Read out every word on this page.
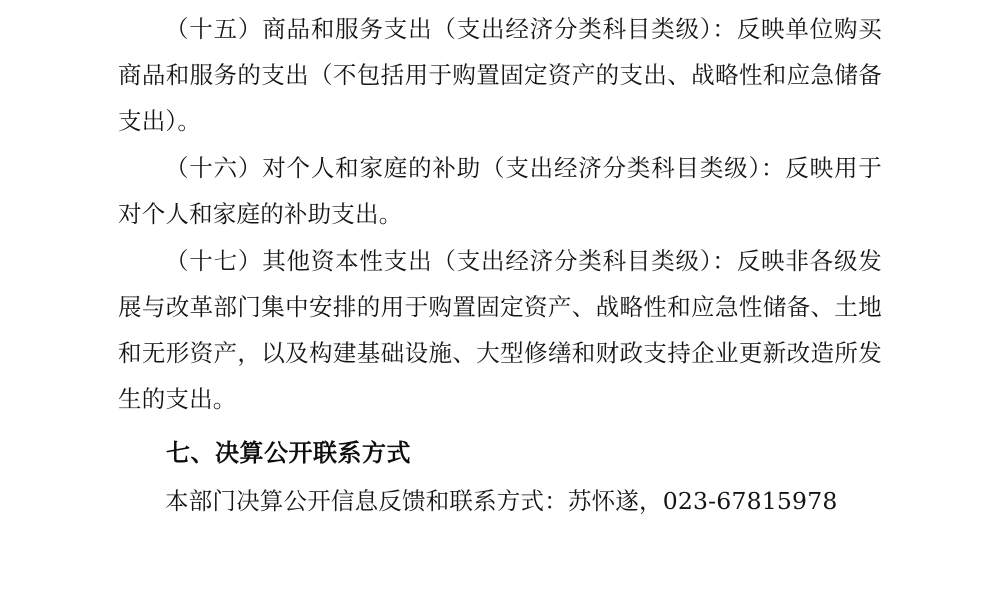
（十五）商品和服务支出（支出经济分类科目类级）：反映单位购买商品和服务的支出（不包括用于购置固定资产的支出、战略性和应急储备支出）。

（十六）对个人和家庭的补助（支出经济分类科目类级）：反映用于对个人和家庭的补助支出。

（十七）其他资本性支出（支出经济分类科目类级）：反映非各级发展与改革部门集中安排的用于购置固定资产、战略性和应急性储备、土地和无形资产，以及构建基础设施、大型修缮和财政支持企业更新改造所发生的支出。

七、决算公开联系方式

本部门决算公开信息反馈和联系方式：苏怀遂，023-67815978
